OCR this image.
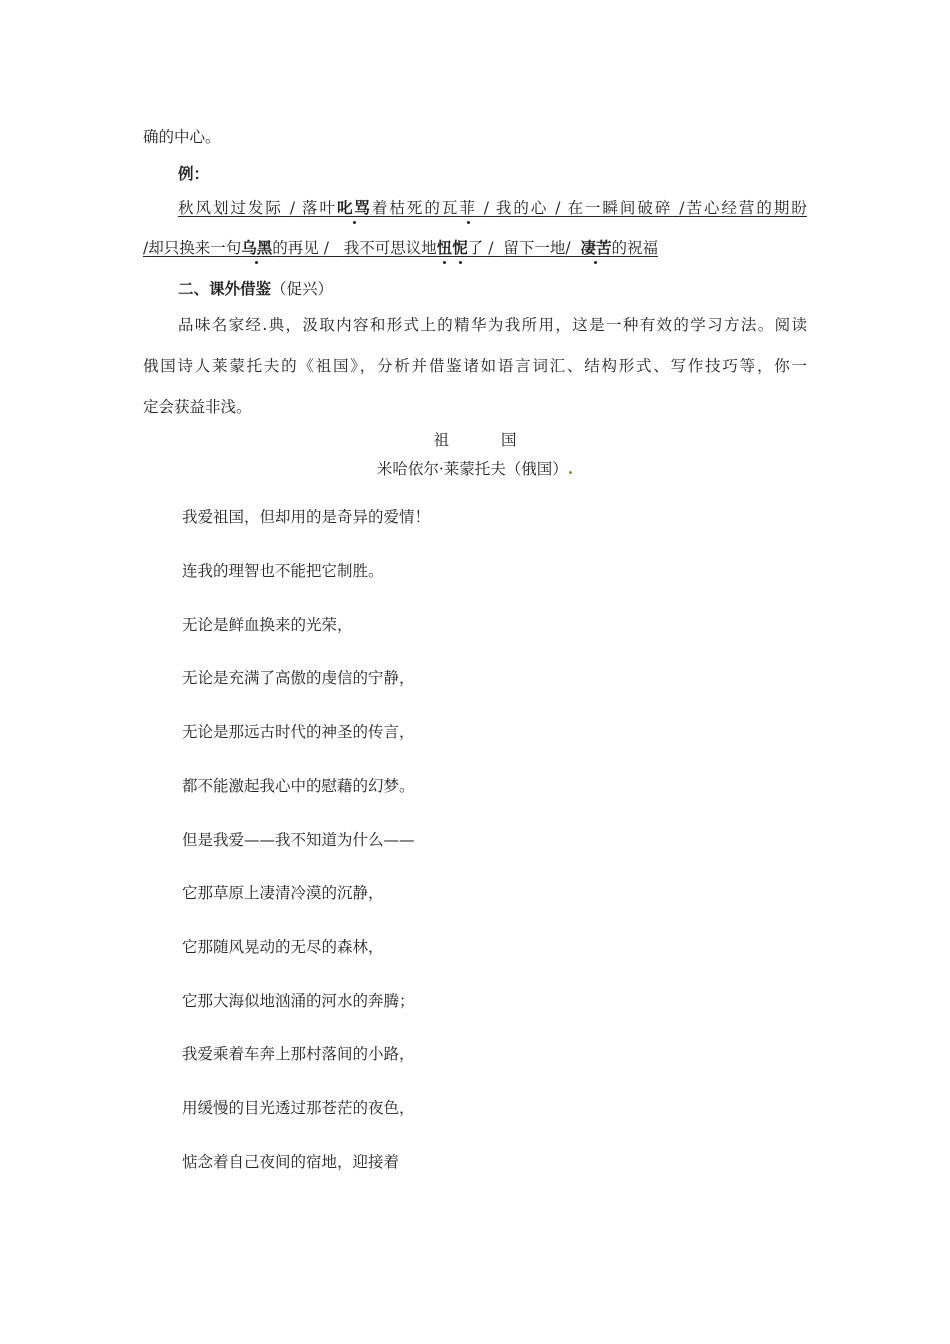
确的中心。
例：
秋风划过发际 / 落叶叱骂着枯死的瓦菲 / 我的心 / 在一瞬间破碎 /苦心经营的期盼
/却只换来一句乌黑的再见 / 我不可思议地忸怩了 / 留下一地/ 凄苦的祝福
二、课外借鉴（促兴）
品味名家经.典，汲取内容和形式上的精华为我所用，这是一种有效的学习方法。阅读
俄国诗人莱蒙托夫的《祖国》，分析并借鉴诸如语言词汇、结构形式、写作技巧等，你一
定会获益非浅。
祖	国
米哈依尔·莱蒙托夫（俄国）.
我爱祖国，但却用的是奇异的爱情！
连我的理智也不能把它制胜。
无论是鲜血换来的光荣，
无论是充满了高傲的虔信的宁静，
无论是那远古时代的神圣的传言，
都不能激起我心中的慰藉的幻梦。
但是我爱——我不知道为什么——
它那草原上凄清冷漠的沉静，
它那随风晃动的无尽的森林，
它那大海似地汹涌的河水的奔腾；
我爱乘着车奔上那村落间的小路，
用缓慢的目光透过那苍茫的夜色，
惦念着自己夜间的宿地，迎接着
